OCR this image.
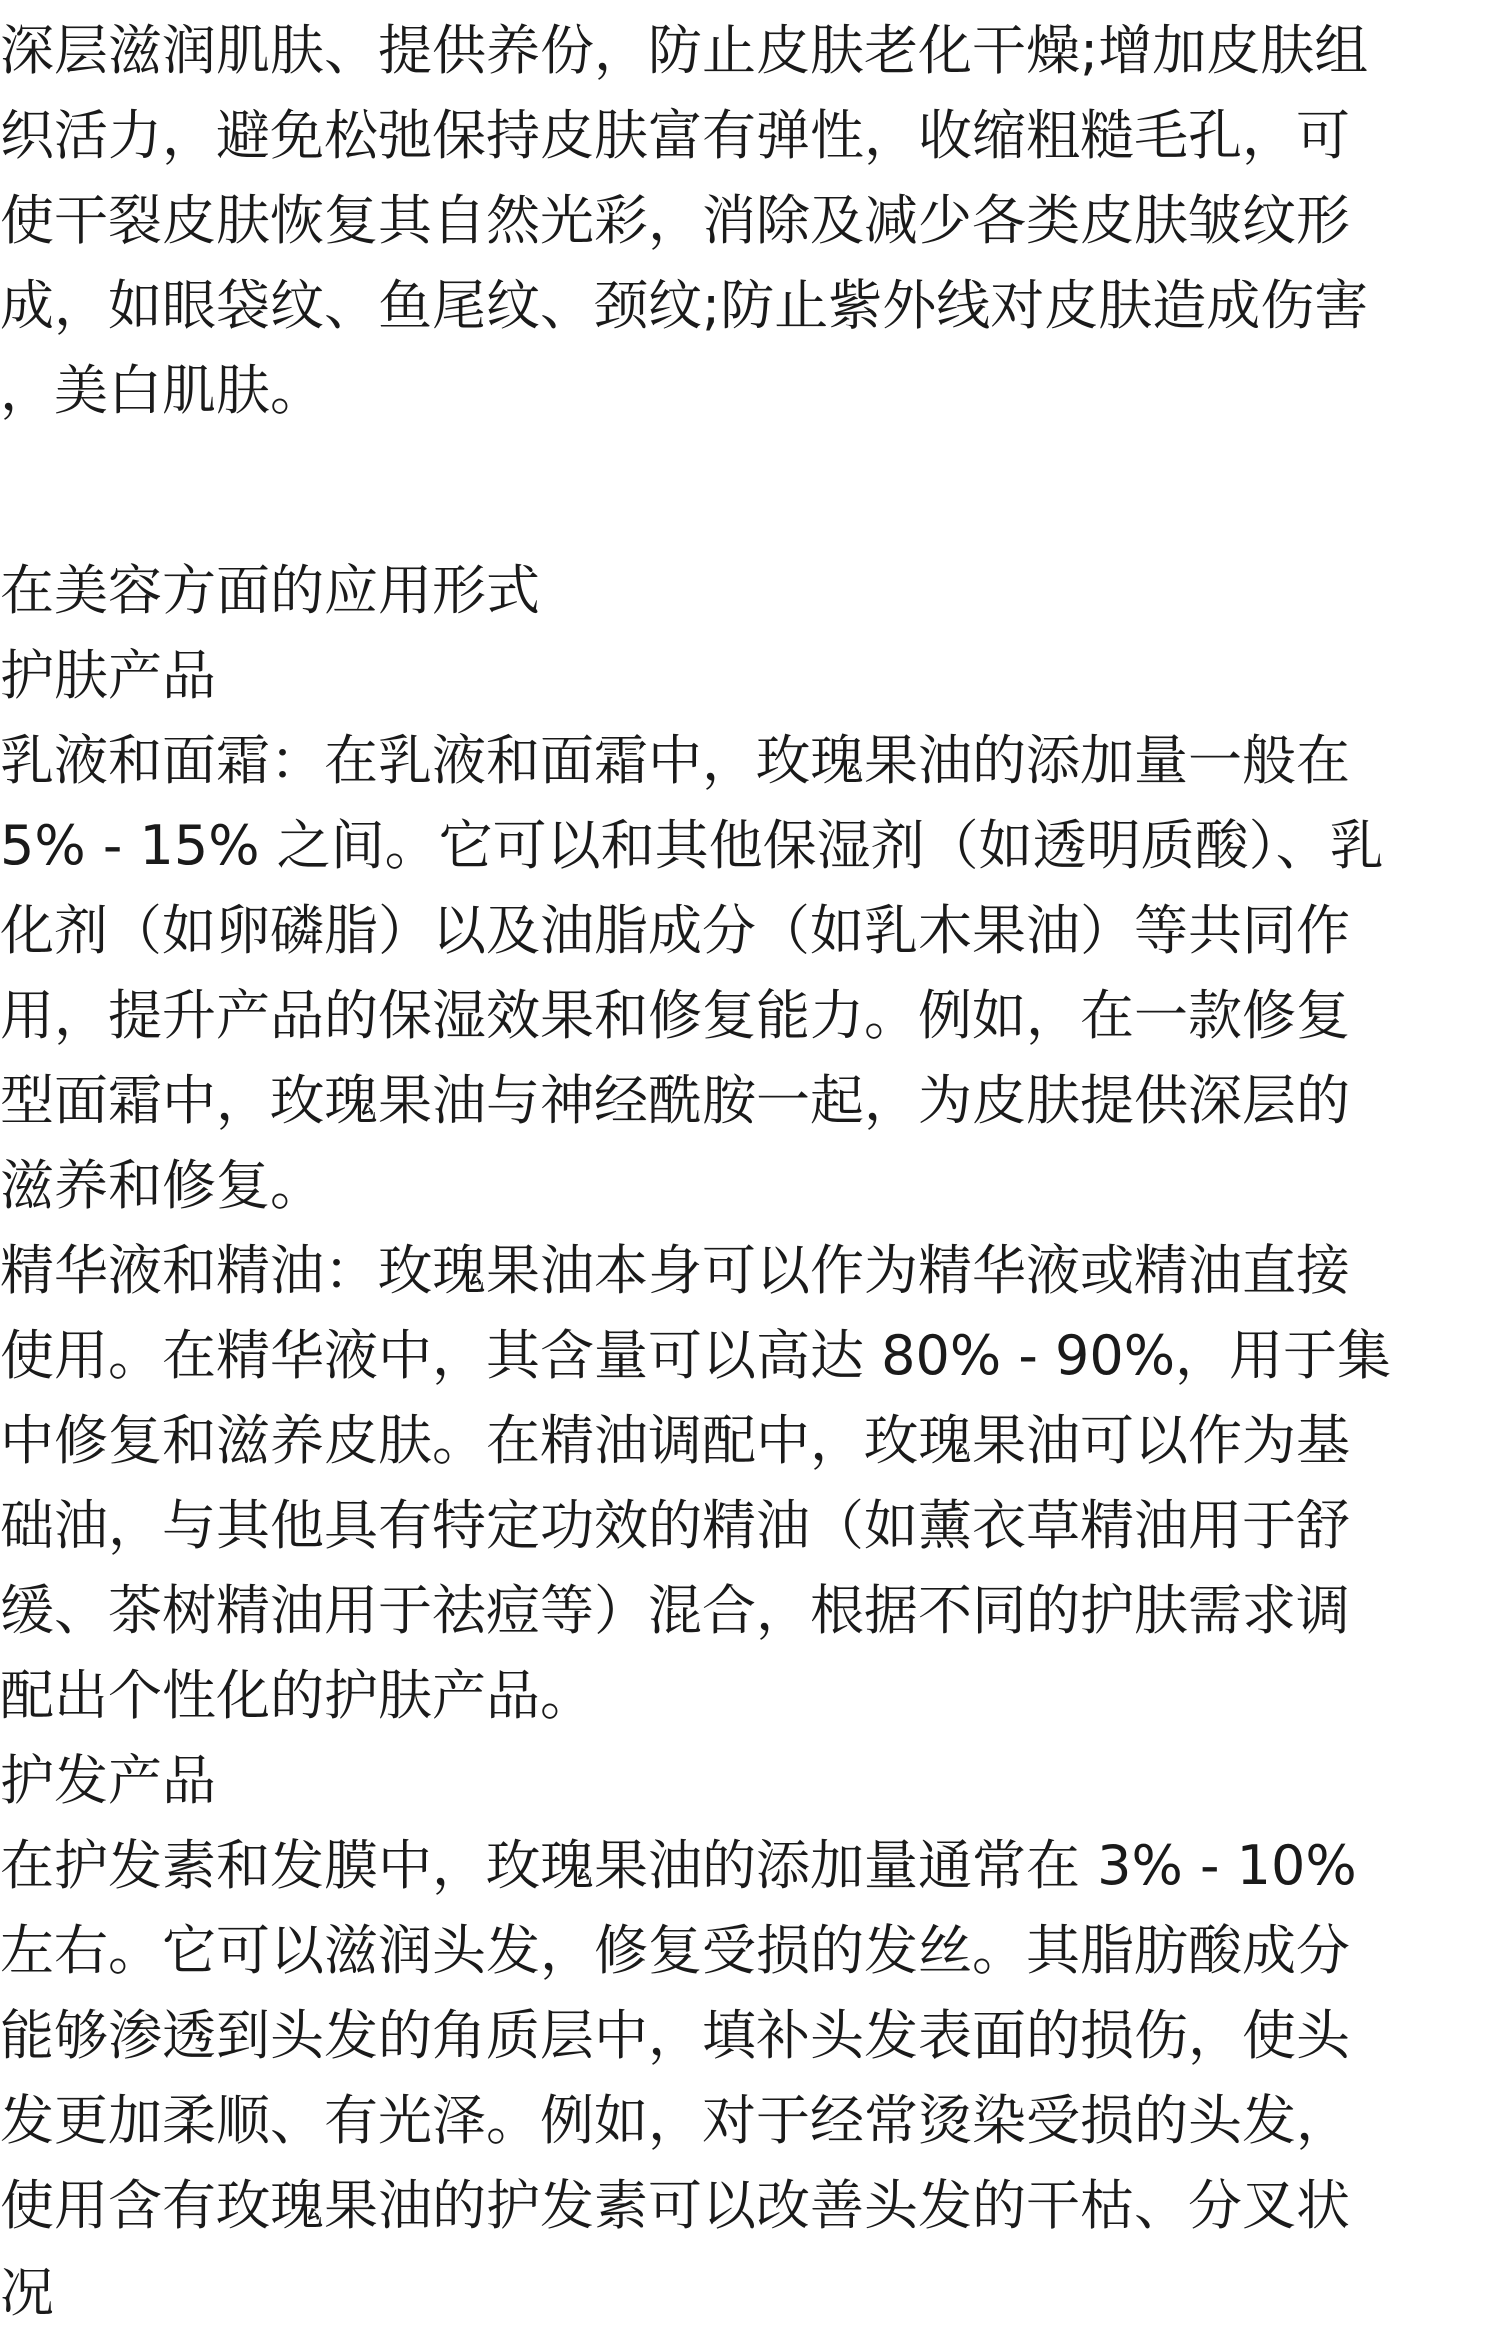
深层滋润肌肤、提供养份，防止皮肤老化干燥;增加皮肤组
织活力，避免松弛保持皮肤富有弹性，收缩粗糙毛孔，可
使干裂皮肤恢复其自然光彩，消除及减少各类皮肤皱纹形
成，如眼袋纹、鱼尾纹、颈纹;防止紫外线对皮肤造成伤害
，美白肌肤。
在美容方面的应用形式
护肤产品
乳液和面霜：在乳液和面霜中，玫瑰果油的添加量一般在
5% - 15% 之间。它可以和其他保湿剂（如透明质酸）、乳
化剂（如卵磷脂）以及油脂成分（如乳木果油）等共同作
用，提升产品的保湿效果和修复能力。例如，在一款修复
型面霜中，玫瑰果油与神经酰胺一起，为皮肤提供深层的
滋养和修复。
精华液和精油：玫瑰果油本身可以作为精华液或精油直接
使用。在精华液中，其含量可以高达 80% - 90%，用于集
中修复和滋养皮肤。在精油调配中，玫瑰果油可以作为基
础油，与其他具有特定功效的精油（如薰衣草精油用于舒
缓、茶树精油用于祛痘等）混合，根据不同的护肤需求调
配出个性化的护肤产品。
护发产品
在护发素和发膜中，玫瑰果油的添加量通常在 3% - 10%
左右。它可以滋润头发，修复受损的发丝。其脂肪酸成分
能够渗透到头发的角质层中，填补头发表面的损伤，使头
发更加柔顺、有光泽。例如，对于经常烫染受损的头发，
使用含有玫瑰果油的护发素可以改善头发的干枯、分叉状
况
